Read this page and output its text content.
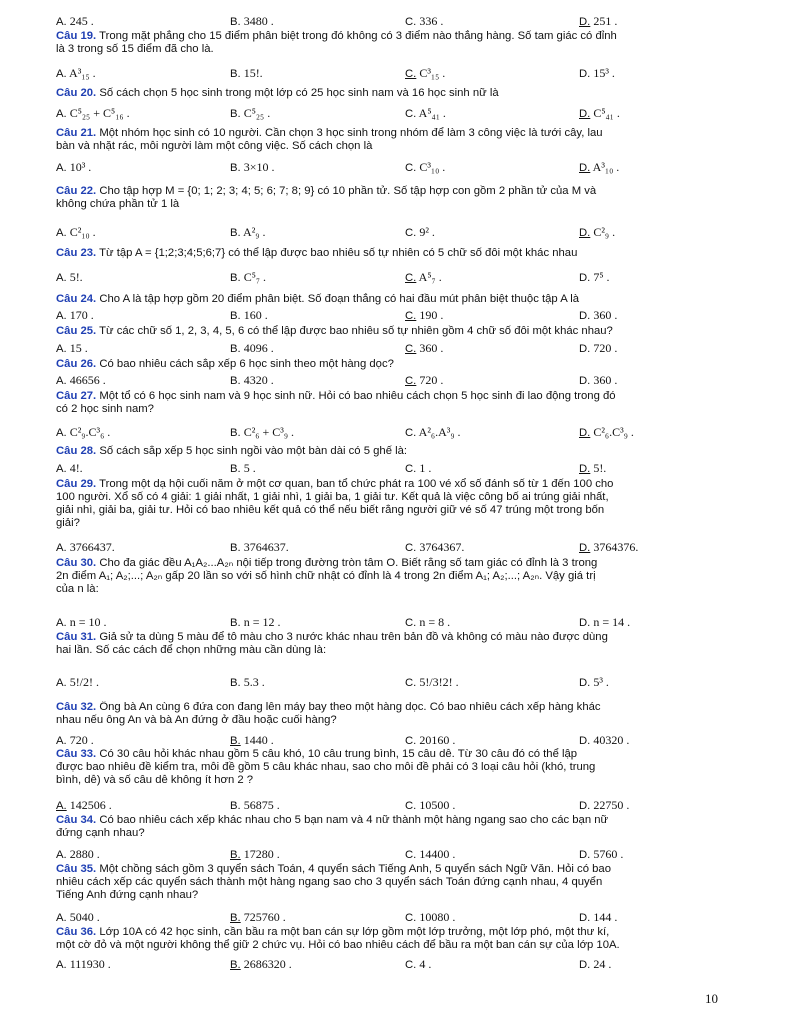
A. 245 .	B. 3480 .	C. 336 .	D. 251 .
Câu 19. Trong mặt phẳng cho 15 điểm phân biệt trong đó không có 3 điểm nào thẳng hàng. Số tam giác có đỉnh
là 3 trong số 15 điểm đã cho là.
A. A³₁₅ .	B. 15!.	C. C³₁₅ .	D. 15³ .
Câu 20. Số cách chọn 5 học sinh trong một lớp có 25 học sinh nam và 16 học sinh nữ là
A. C⁵₂₅ + C⁵₁₆ .	B. C⁵₂₅ .	C. A⁵₄₁ .	D. C⁵₄₁ .
Câu 21. Một nhóm học sinh có 10 người. Cần chọn 3 học sinh trong nhóm để làm 3 công việc là tưới cây, lau
bàn và nhặt rác, mỗi người làm một công việc. Số cách chọn là
A. 10³ .	B. 3×10 .	C. C³₁₀ .	D. A³₁₀ .
Câu 22. Cho tập hợp M = {0; 1; 2; 3; 4; 5; 6; 7; 8; 9} có 10 phần tử. Số tập hợp con gồm 2 phần tử của M và
không chứa phần tử 1 là
A. C²₁₀ .	B. A²₉ .	C. 9² .	D. C²₉ .
Câu 23. Từ tập A = {1;2;3;4;5;6;7} có thể lập được bao nhiêu số tự nhiên có 5 chữ số đôi một khác nhau
A. 5!.	B. C⁵₇ .	C. A⁵₇ .	D. 7⁵ .
Câu 24. Cho A là tập hợp gồm 20 điểm phân biệt. Số đoạn thẳng có hai đầu mút phân biệt thuộc tập A là
A. 170 .	B. 160 .	C. 190 .	D. 360 .
Câu 25. Từ các chữ số 1, 2, 3, 4, 5, 6 có thể lập được bao nhiêu số tự nhiên gồm 4 chữ số đôi một khác nhau?
A. 15 .	B. 4096 .	C. 360 .	D. 720 .
Câu 26. Có bao nhiêu cách sắp xếp 6 học sinh theo một hàng dọc?
A. 46656 .	B. 4320 .	C. 720 .	D. 360 .
Câu 27. Một tổ có 6 học sinh nam và 9 học sinh nữ. Hỏi có bao nhiêu cách chọn 5 học sinh đi lao động trong đó
có 2 học sinh nam?
A. C²₉.C³₆ .	B. C²₆ + C³₉ .	C. A²₆.A³₉ .	D. C²₆.C³₉ .
Câu 28. Số cách sắp xếp 5 học sinh ngồi vào một bàn dài có 5 ghế là:
A. 4!.	B. 5 .	C. 1 .	D. 5!.
Câu 29. Trong một dạ hội cuối năm ở một cơ quan, ban tổ chức phát ra 100 vé xổ số đánh số từ 1 đến 100 cho
100 người. Xổ số có 4 giải: 1 giải nhất, 1 giải nhì, 1 giải ba, 1 giải tư. Kết quả là việc công bố ai trúng giải nhất,
giải nhì, giải ba, giải tư. Hỏi có bao nhiêu kết quả có thể nếu biết rằng người giữ vé số 47 trúng một trong bốn
giải?
A. 3766437.	B. 3764637.	C. 3764367.	D. 3764376.
Câu 30. Cho đa giác đều A₁A₂...A₂ₙ nội tiếp trong đường tròn tâm O. Biết rằng số tam giác có đỉnh là 3 trong
2n điểm A₁; A₂;...; A₂ₙ gấp 20 lần so với số hình chữ nhật có đỉnh là 4 trong 2n điểm A₁; A₂;...; A₂ₙ. Vậy giá trị
của n là:
A. n = 10 .	B. n = 12 .	C. n = 8 .	D. n = 14 .
Câu 31. Giả sử ta dùng 5 màu để tô màu cho 3 nước khác nhau trên bản đồ và không có màu nào được dùng
hai lần. Số các cách để chọn những màu cần dùng là:
A. 5!/2! .	B. 5.3 .	C. 5!/3!2! .	D. 5³ .
Câu 32. Ông bà An cùng 6 đứa con đang lên máy bay theo một hàng dọc. Có bao nhiêu cách xếp hàng khác
nhau nếu ông An và bà An đứng ở đầu hoặc cuối hàng?
A. 720 .	B. 1440 .	C. 20160 .	D. 40320 .
Câu 33. Có 30 câu hỏi khác nhau gồm 5 câu khó, 10 câu trung bình, 15 câu dễ. Từ 30 câu đó có thể lập
được bao nhiêu đề kiểm tra, mỗi đề gồm 5 câu khác nhau, sao cho mỗi đề phải có 3 loại câu hỏi (khó, trung
bình, dễ) và số câu dễ không ít hơn 2 ?
A. 142506 .	B. 56875 .	C. 10500 .	D. 22750 .
Câu 34. Có bao nhiêu cách xếp khác nhau cho 5 bạn nam và 4 nữ thành một hàng ngang sao cho các bạn nữ
đứng cạnh nhau?
A. 2880 .	B. 17280 .	C. 14400 .	D. 5760 .
Câu 35. Một chồng sách gồm 3 quyển sách Toán, 4 quyển sách Tiếng Anh, 5 quyển sách Ngữ Văn. Hỏi có bao
nhiêu cách xếp các quyển sách thành một hàng ngang sao cho 3 quyển sách Toán đứng cạnh nhau, 4 quyển
Tiếng Anh đứng cạnh nhau?
A. 5040 .	B. 725760 .	C. 10080 .	D. 144 .
Câu 36. Lớp 10A có 42 học sinh, cần bầu ra một ban cán sự lớp gồm một lớp trưởng, một lớp phó, một thư kí,
một cờ đỏ và một người không thể giữ 2 chức vụ. Hỏi có bao nhiêu cách để bầu ra một ban cán sự của lớp 10A.
A. 111930 .	B. 2686320 .	C. 4 .	D. 24 .
10
